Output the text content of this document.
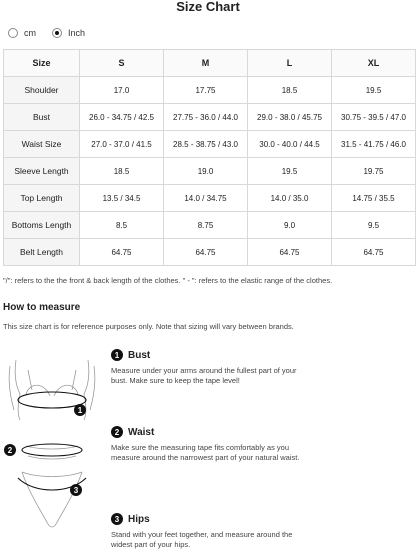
Size Chart
cm	Inch
Size	S	M	L	XL
Shoulder	17.0	17.75	18.5	19.5
Bust	26.0 - 34.75 / 42.5	27.75 - 36.0 / 44.0	29.0 - 38.0 / 45.75	30.75 - 39.5 / 47.0
Waist Size	27.0 - 37.0 / 41.5	28.5 - 38.75 / 43.0	30.0 - 40.0 / 44.5	31.5 - 41.75 / 46.0
Sleeve Length	18.5	19.0	19.5	19.75
Top Length	13.5 / 34.5	14.0 / 34.75	14.0 / 35.0	14.75 / 35.5
Bottoms Length	8.5	8.75	9.0	9.5
Belt Length	64.75	64.75	64.75	64.75
"/": refers to the the front & back length of the clothes. " - ": refers to the elastic range of the clothes.
How to measure
This size chart is for reference purposes only. Note that sizing will vary between brands.
1
2
3
1 Bust
Measure under your arms around the fullest part of your bust. Make sure to keep the tape level!
2 Waist
Make sure the measuring tape fits comfortably as you measure around the narrowest part of your natural waist.
3 Hips
Stand with your feet together, and measure around the widest part of your hips.
